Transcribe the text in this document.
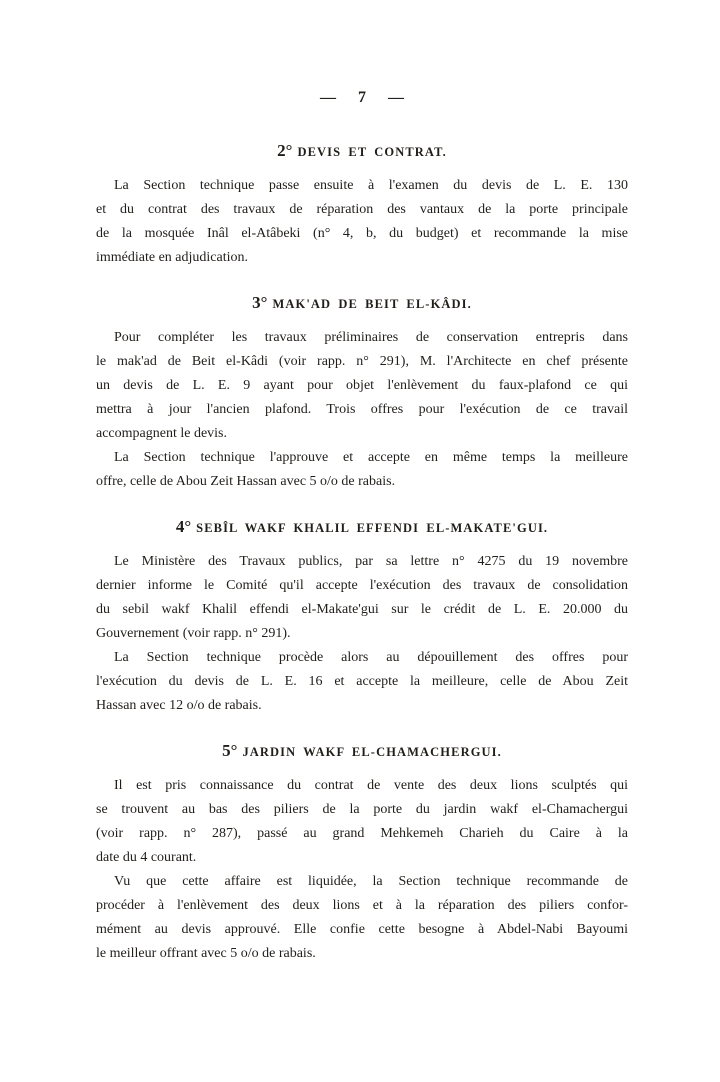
— 7 —
2° DEVIS ET CONTRAT.
La Section technique passe ensuite à l'examen du devis de L. E. 130
et du contrat des travaux de réparation des vantaux de la porte principale
de la mosquée Inâl el-Atâbeki (n° 4, b, du budget) et recommande la mise
immédiate en adjudication.
3° MAK'AD DE BEIT EL-KÂDI.
Pour compléter les travaux préliminaires de conservation entrepris dans
le mak'ad de Beit el-Kâdi (voir rapp. n° 291), M. l'Architecte en chef présente
un devis de L. E. 9 ayant pour objet l'enlèvement du faux-plafond ce qui
mettra à jour l'ancien plafond. Trois offres pour l'exécution de ce travail
accompagnent le devis.
La Section technique l'approuve et accepte en même temps la meilleure
offre, celle de Abou Zeit Hassan avec 5 o/o de rabais.
4° SEBÎL WAKF KHALIL EFFENDI EL-MAKATE'GUI.
Le Ministère des Travaux publics, par sa lettre n° 4275 du 19 novembre
dernier informe le Comité qu'il accepte l'exécution des travaux de consolidation
du sebil wakf Khalil effendi el-Makate'gui sur le crédit de L. E. 20.000 du
Gouvernement (voir rapp. n° 291).
La Section technique procède alors au dépouillement des offres pour
l'exécution du devis de L. E. 16 et accepte la meilleure, celle de Abou Zeit
Hassan avec 12 o/o de rabais.
5° JARDIN WAKF EL-CHAMACHERGUI.
Il est pris connaissance du contrat de vente des deux lions sculptés qui
se trouvent au bas des piliers de la porte du jardin wakf el-Chamachergui
(voir rapp. n° 287), passé au grand Mehkemeh Charieh du Caire à la
date du 4 courant.
Vu que cette affaire est liquidée, la Section technique recommande de
procéder à l'enlèvement des deux lions et à la réparation des piliers confor-
mément au devis approuvé. Elle confie cette besogne à Abdel-Nabi Bayoumi
le meilleur offrant avec 5 o/o de rabais.
